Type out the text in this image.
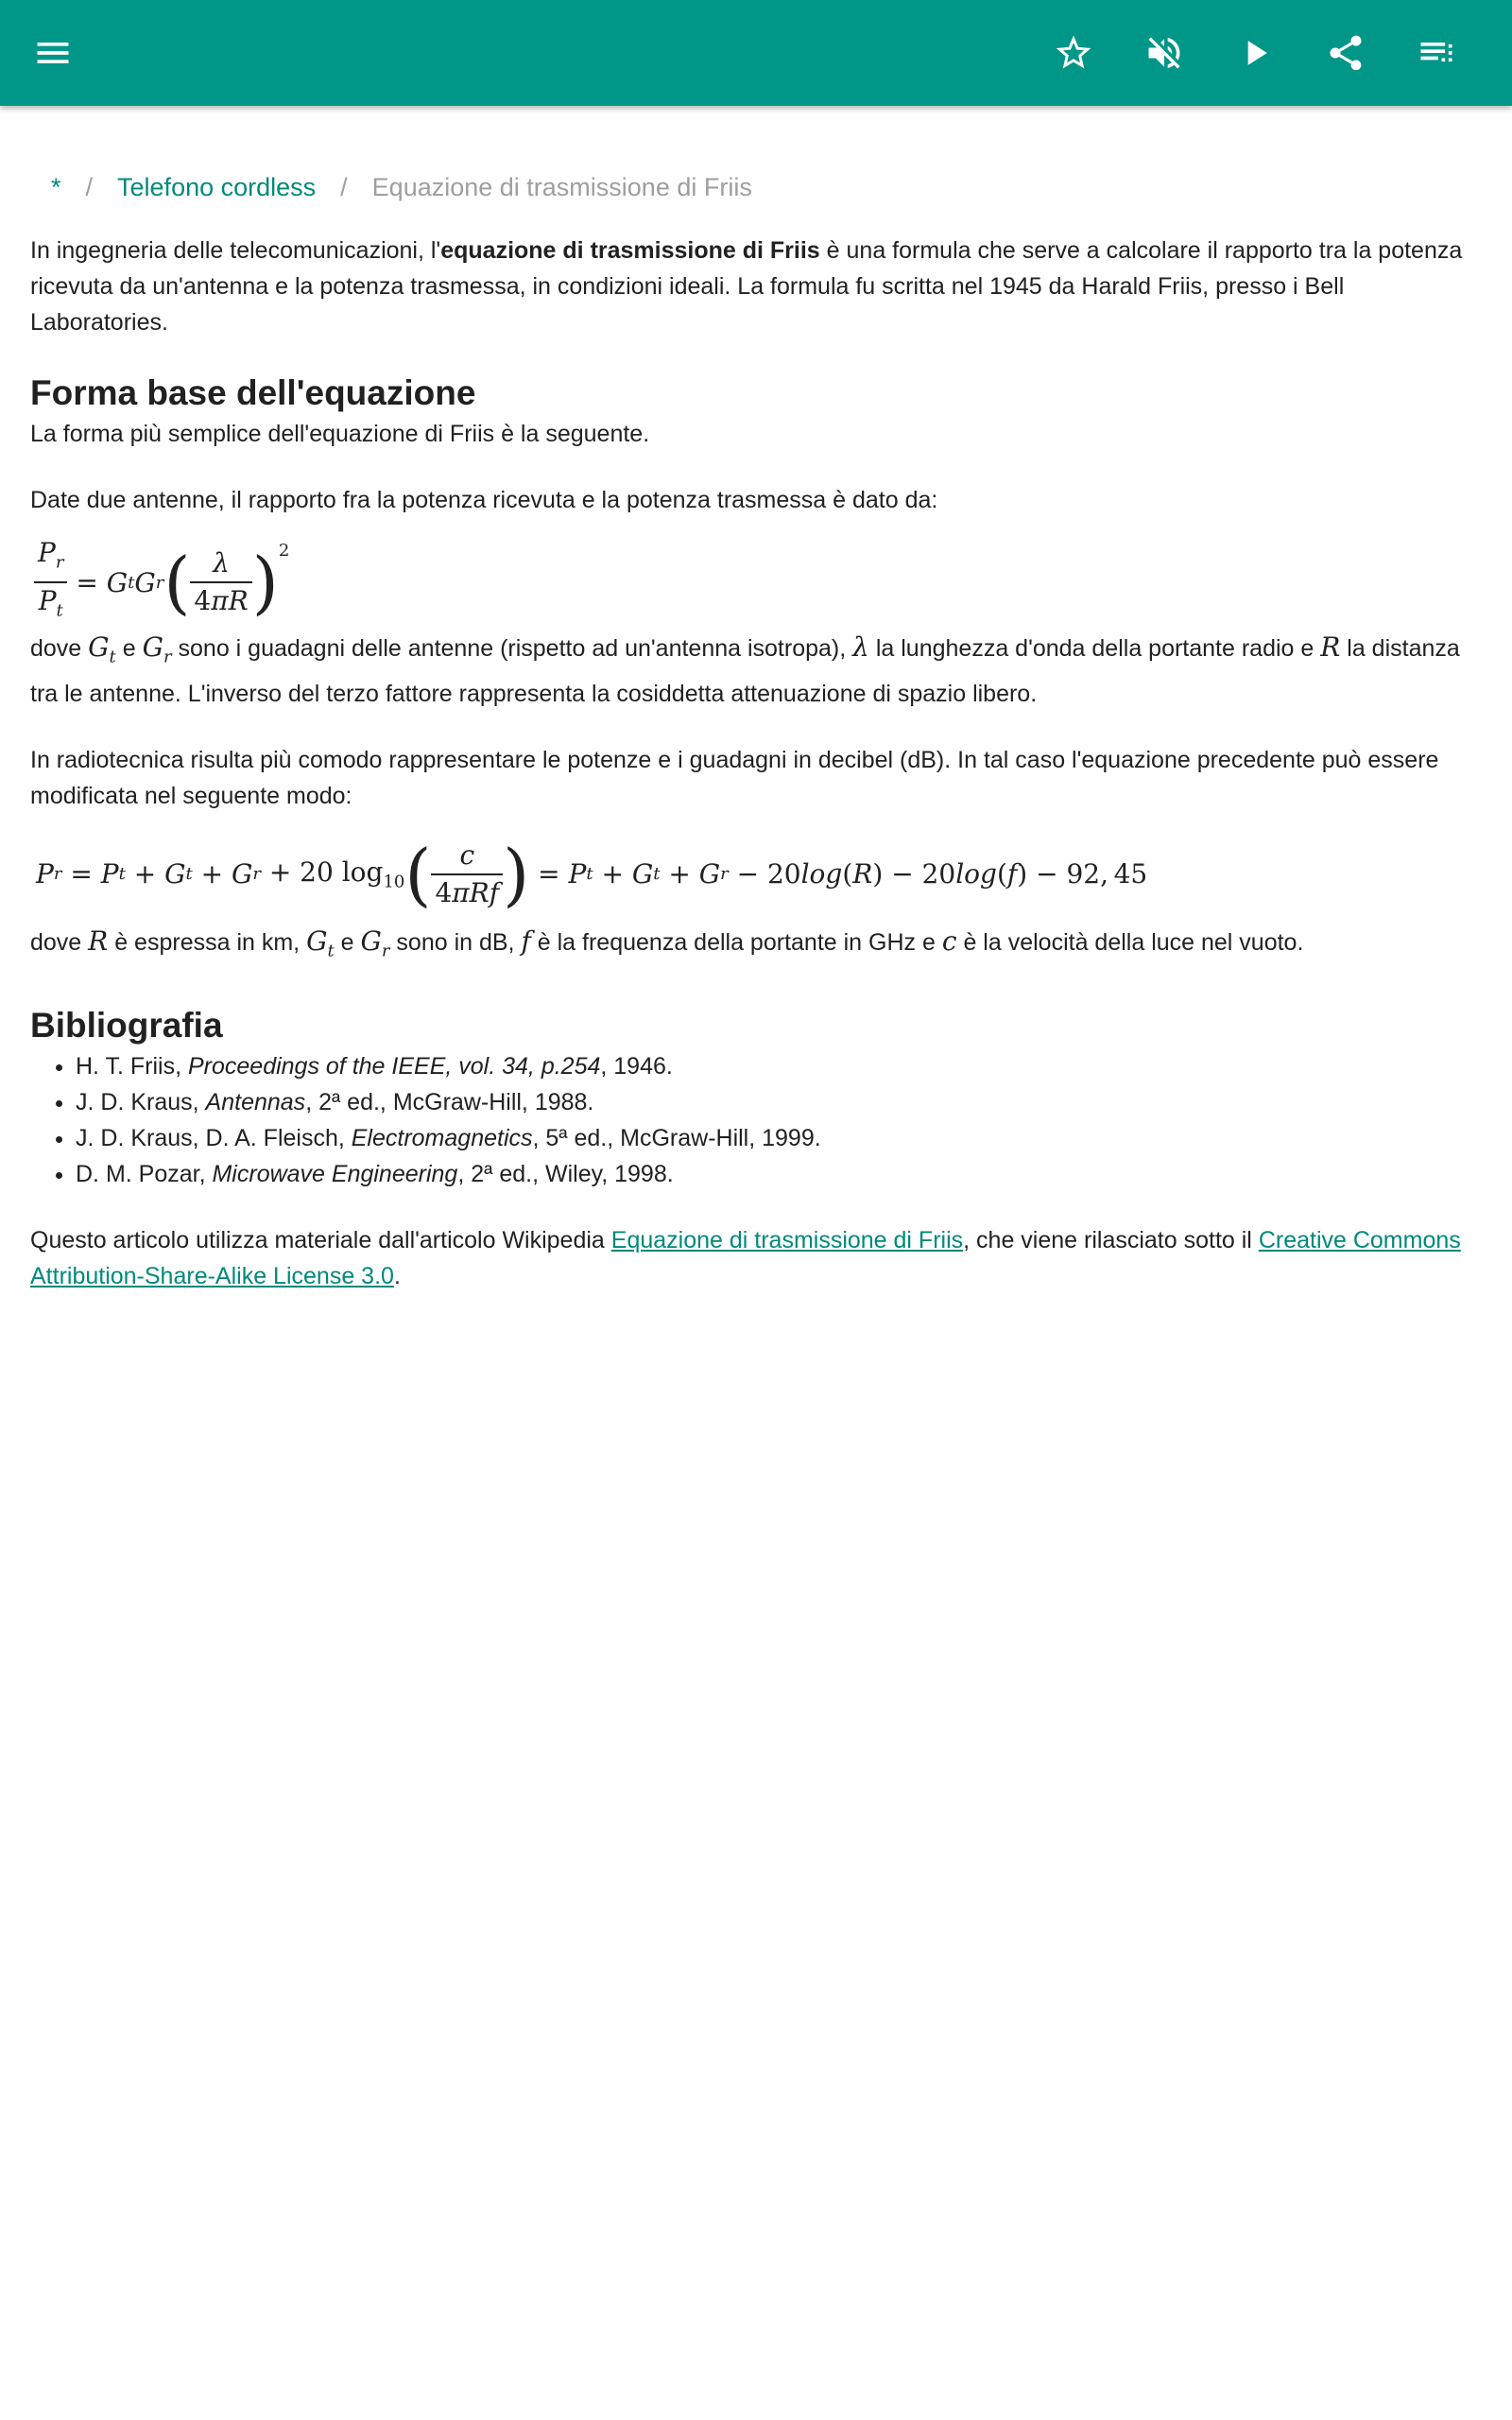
* / Telefono cordless / Equazione di trasmissione di Friis

In ingegneria delle telecomunicazioni, l'equazione di trasmissione di Friis è una formula che serve a calcolare il rapporto tra la potenza ricevuta da un'antenna e la potenza trasmessa, in condizioni ideali. La formula fu scritta nel 1945 da Harald Friis, presso i Bell Laboratories.

Forma base dell'equazione

La forma più semplice dell'equazione di Friis è la seguente.

Date due antenne, il rapporto fra la potenza ricevuta e la potenza trasmessa è dato da:

$\frac{P_r}{P_t} = G$ t G r ( $\frac{\lambda}{4\pi R} )^2$

dove $G_t$ e $G_r$ sono i guadagni delle antenne (rispetto ad un'antenna isotropa), λ la lunghezza d'onda della portante radio e R la distanza tra le antenne. L'inverso del terzo fattore rappresenta la cosiddetta attenuazione di spazio libero.

In radiotecnica risulta più comodo rappresentare le potenze e i guadagni in decibel (dB). In tal caso l'equazione precedente può essere modificata nel seguente modo:

P r = P t + G t + G r + 20 $\log_{10}$ ( $\frac{c}{\text{4πRf}}$ ) = P t + G t + G r − 20 log ( R ) − 20 log ( f ) − 92, 45

dove R è espressa in km, $G_t$ e $G_r$ sono in dB, f è la frequenza della portante in GHz e c è la velocità della luce nel vuoto.

Bibliografia
• H. T. Friis, Proceedings of the IEEE, vol. 34, p.254, 1946.
• J. D. Kraus, Antennas, 2ª ed., McGraw-Hill, 1988.
• J. D. Kraus, D. A. Fleisch, Electromagnetics, 5ª ed., McGraw-Hill, 1999.
• D. M. Pozar, Microwave Engineering, 2ª ed., Wiley, 1998.

Questo articolo utilizza materiale dall'articolo Wikipedia Equazione di trasmissione di Friis, che viene rilasciato sotto il Creative Commons Attribution-Share-Alike License 3.0.
